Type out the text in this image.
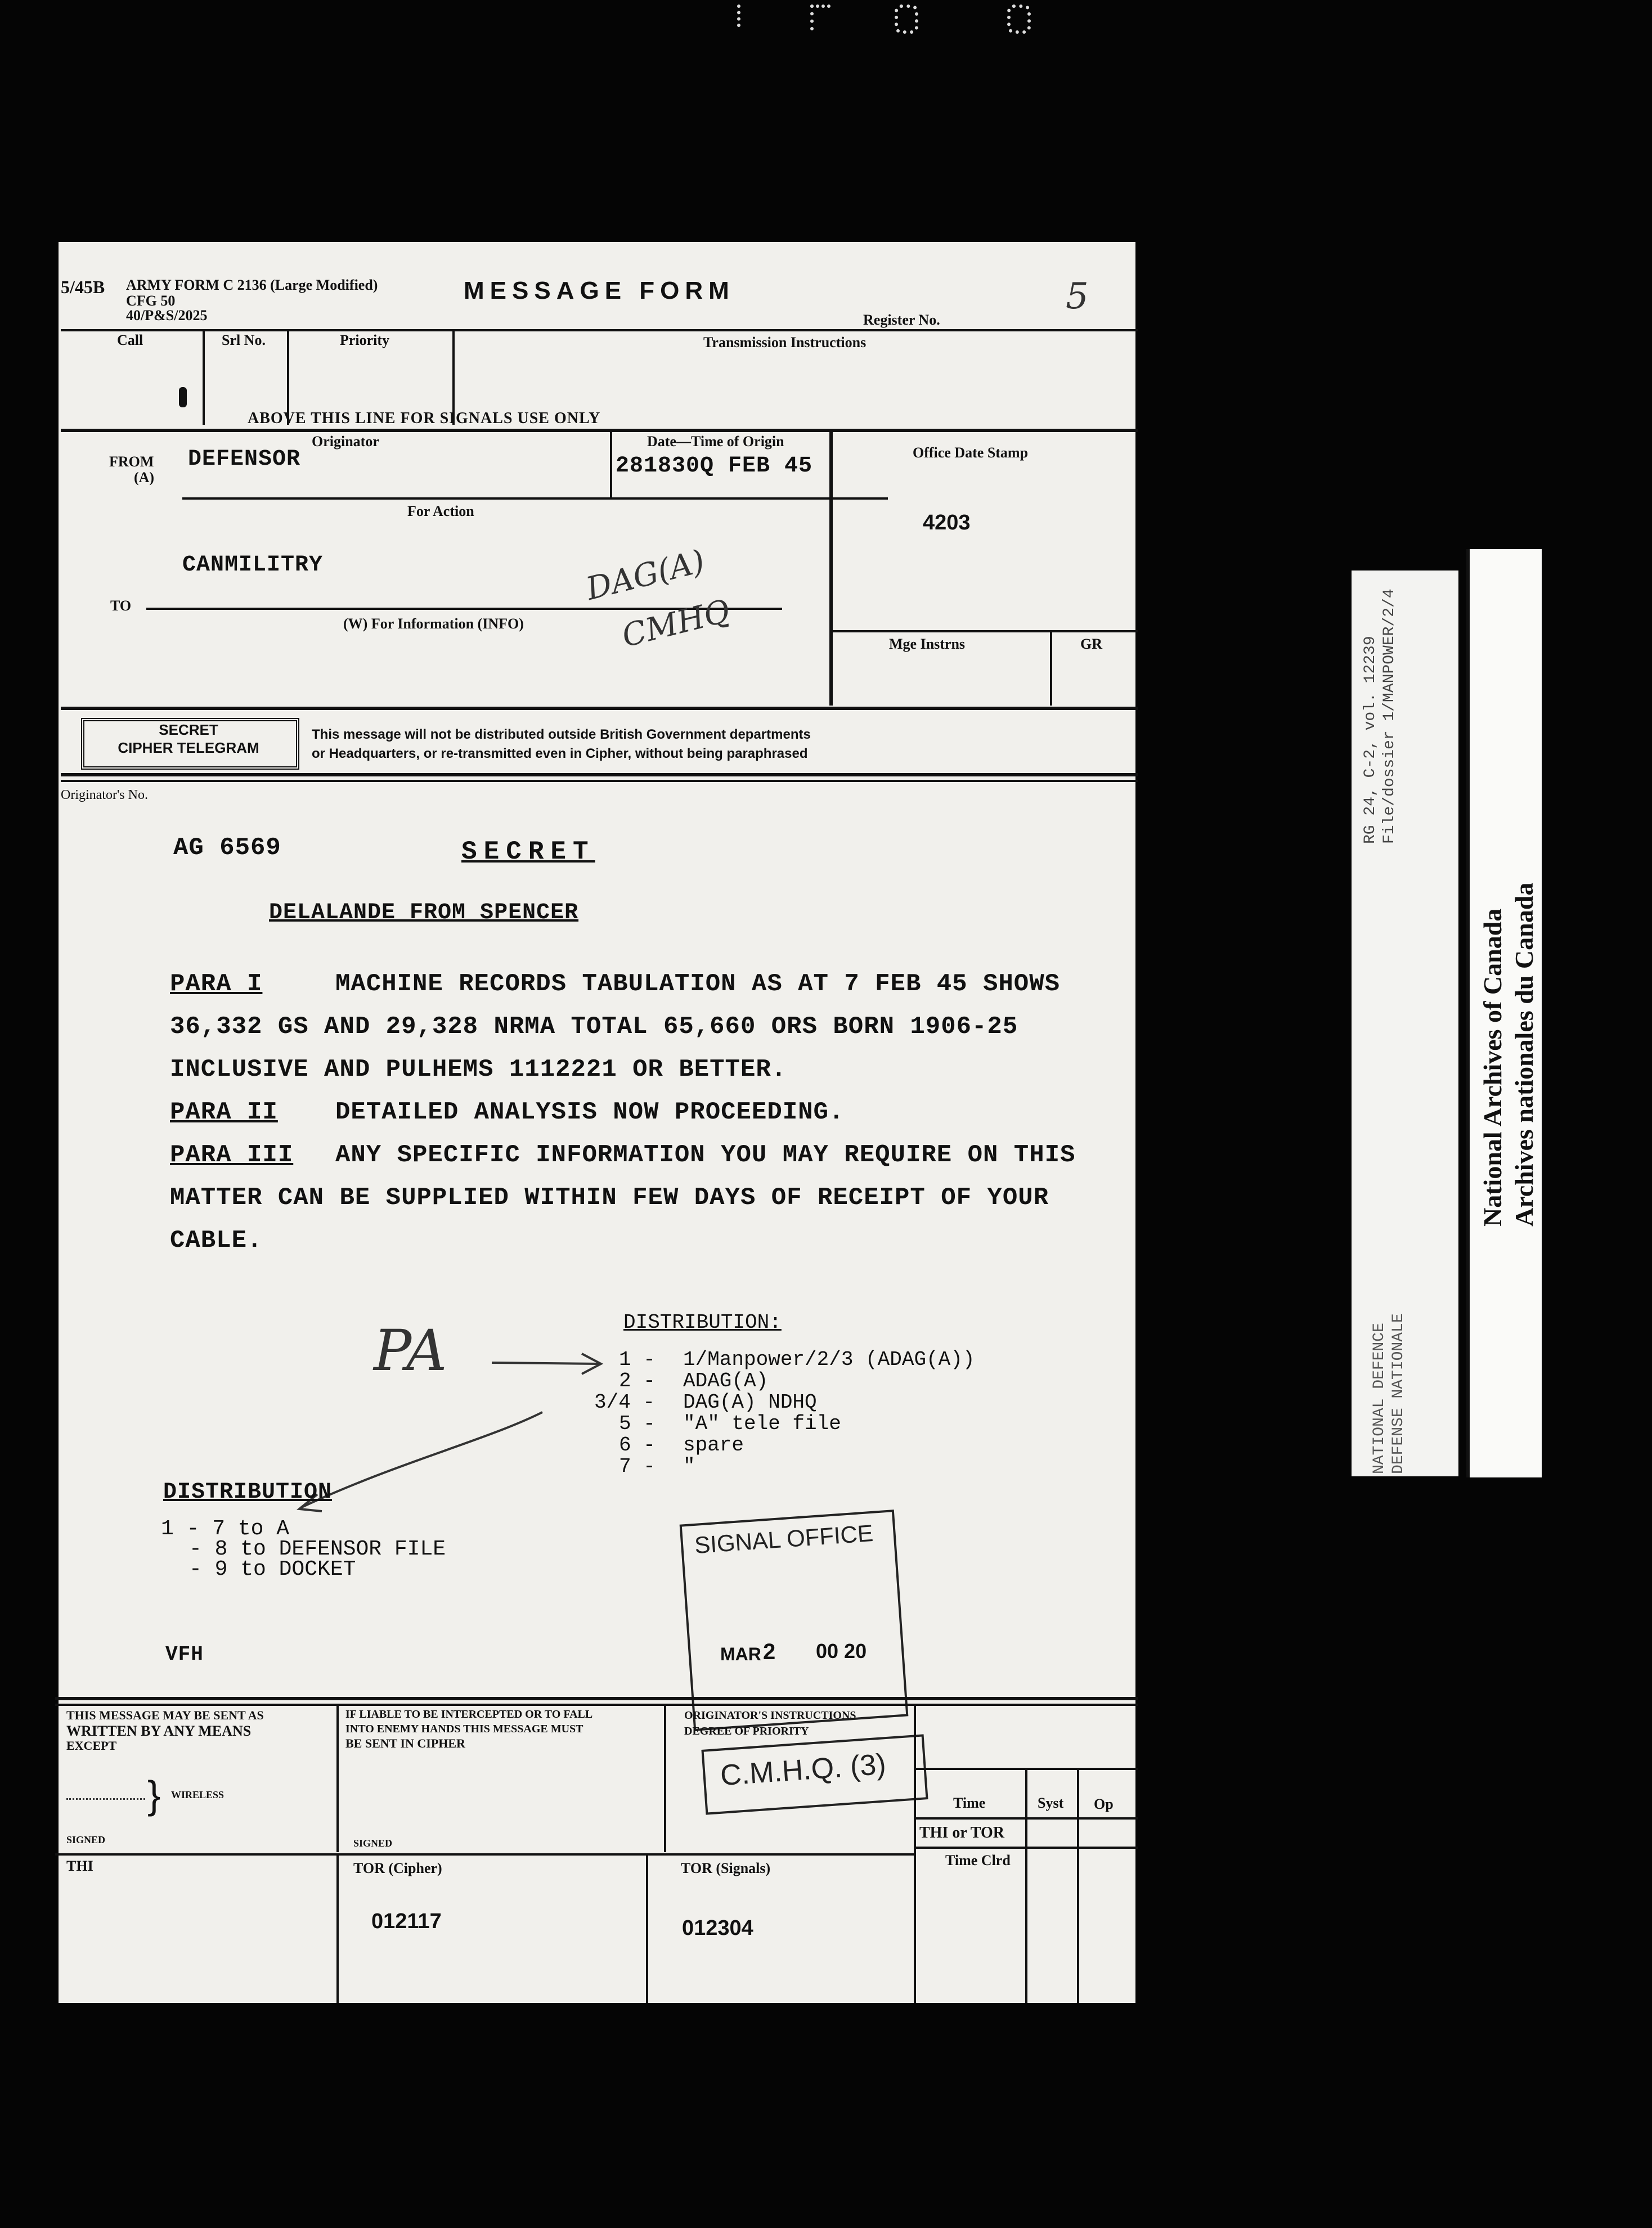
5/45B ARMY FORM C 2136 (Large Modified)
CFG 50
40/P&S/2025
MESSAGE FORM	5
Register No.
Call	Srl No.	Priority	Transmission Instructions
ABOVE THIS LINE FOR SIGNALS USE ONLY
Originator
FROM
(A)
DEFENSOR
Date—Time of Origin
281830Q FEB 45
Office Date Stamp
4203
For Action
CANMILITRY
TO
(W) For Information (INFO)
DAG(A)
CMHQ	Mge Instrns	GR
SECRET
CIPHER TELEGRAM
This message will not be distributed outside British Government departments
or Headquarters, or re-transmitted even in Cipher, without being paraphrased
Originator's No.
AG 6569	SECRET
DELALANDE FROM SPENCER
PARA I	MACHINE RECORDS TABULATION AS AT 7 FEB 45 SHOWS
36,332 GS AND 29,328 NRMA TOTAL 65,660 ORS BORN 1906-25
INCLUSIVE AND PULHEMS 1112221 OR BETTER.
PARA II DETAILED ANALYSIS NOW PROCEEDING.
PARA III ANY SPECIFIC INFORMATION YOU MAY REQUIRE ON THIS
MATTER CAN BE SUPPLIED WITHIN FEW DAYS OF RECEIPT OF YOUR
CABLE.
DISTRIBUTION:
PA	1 - 1/Manpower/2/3 (ADAG(A))
2 - ADAG(A)
3/4 - DAG(A) NDHQ
5 - "A" tele file
6 - spare
7 - "
DISTRIBUTION
1 - 7 to A
- 8 to DEFENSOR FILE
- 9 to DOCKET
VFH
SIGNAL OFFICE
MAR 2 00 20
THIS MESSAGE MAY BE SENT AS
WRITTEN BY ANY MEANS
EXCEPT
} WIRELESS
SIGNED
IF LIABLE TO BE INTERCEPTED OR TO FALL
INTO ENEMY HANDS THIS MESSAGE MUST
BE SENT IN CIPHER
SIGNED
ORIGINATOR'S INSTRUCTIONS
DEGREE OF PRIORITY
C.M.H.Q. (3)
Time	Syst Op
THI or TOR
Time Clrd
THI	TOR (Cipher)
012117
TOR (Signals)
012304
RG 24, C-2, vol. 12239 File/dossier 1/MANPOWER/2/4
NATIONAL DEFENCE DEFENSE NATIONALE
National Archives of Canada Archives nationales du Canada
